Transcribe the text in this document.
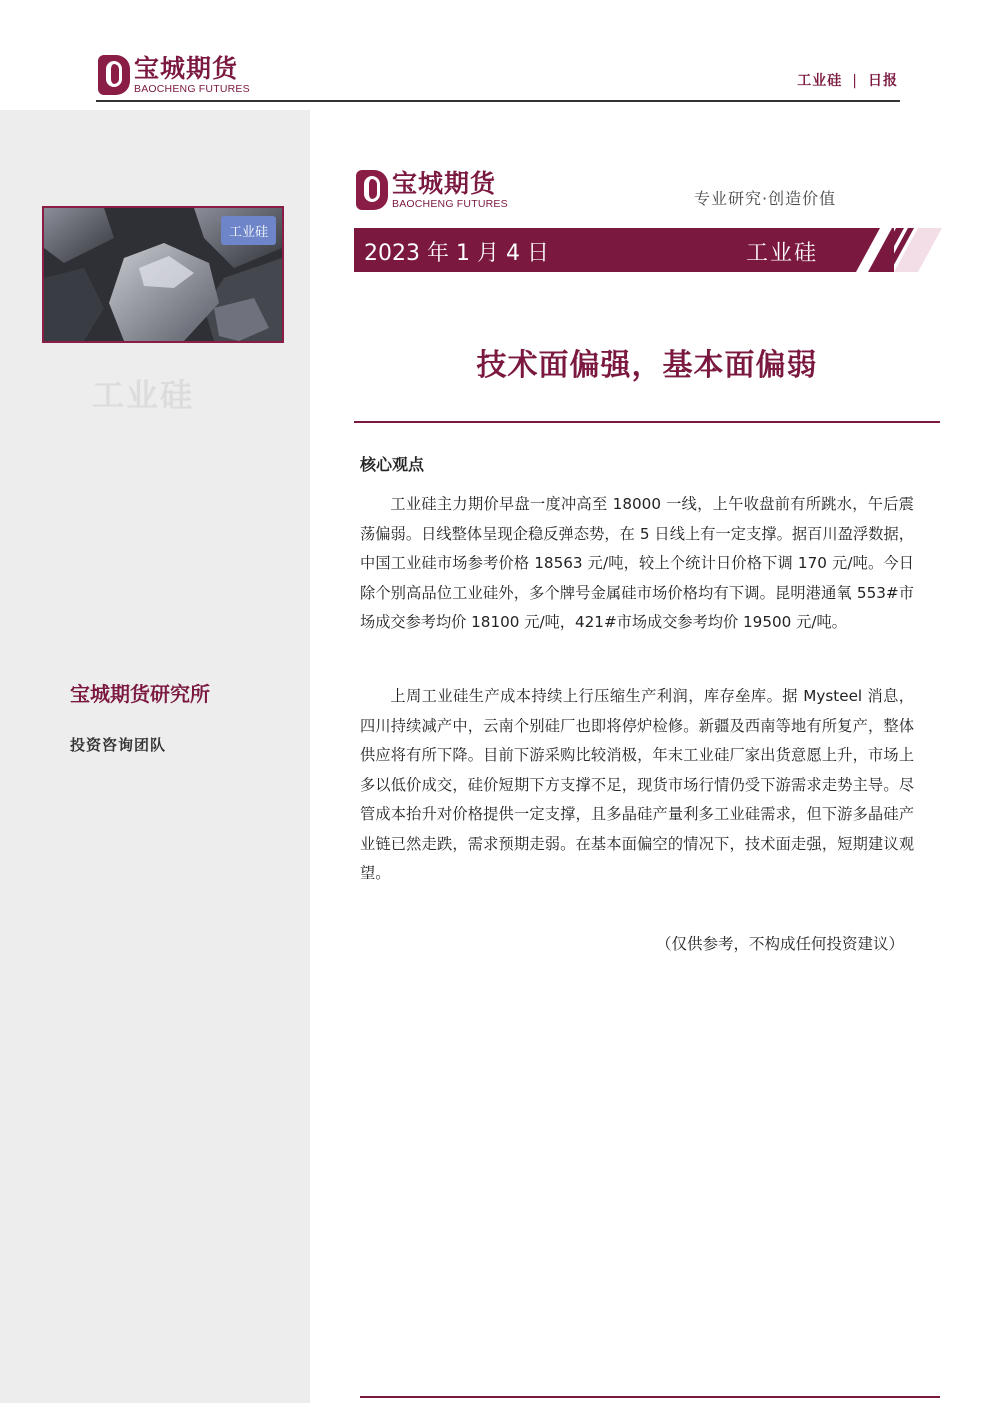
宝城期货
BAOCHENG FUTURES	工业硅 | 日报
工业硅
工业硅
宝城期货研究所
投资咨询团队
宝城期货
BAOCHENG FUTURES	专业研究·创造价值
2023 年 1 月 4 日	工业硅
技术面偏强，基本面偏弱
核心观点

工业硅主力期价早盘一度冲高至 18000 一线，上午收盘前有所跳水，午后震荡偏弱。日线整体呈现企稳反弹态势，在 5 日线上有一定支撑。据百川盈浮数据，中国工业硅市场参考价格 18563 元/吨，较上个统计日价格下调 170 元/吨。今日除个别高品位工业硅外，多个牌号金属硅市场价格均有下调。昆明港通氧 553#市场成交参考均价 18100 元/吨，421#市场成交参考均价 19500 元/吨。

上周工业硅生产成本持续上行压缩生产利润，库存垒库。据 Mysteel 消息，四川持续减产中，云南个别硅厂也即将停炉检修。新疆及西南等地有所复产，整体供应将有所下降。目前下游采购比较消极，年末工业硅厂家出货意愿上升，市场上多以低价成交，硅价短期下方支撑不足，现货市场行情仍受下游需求走势主导。尽管成本抬升对价格提供一定支撑，且多晶硅产量利多工业硅需求，但下游多晶硅产业链已然走跌，需求预期走弱。在基本面偏空的情况下，技术面走强，短期建议观望。

（仅供参考，不构成任何投资建议）
